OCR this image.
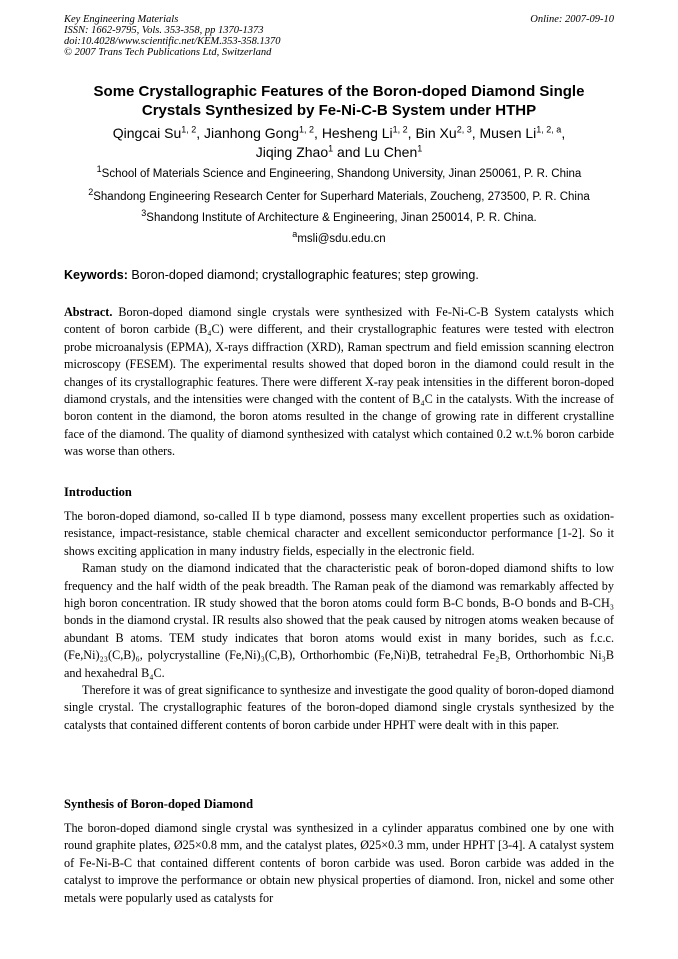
Key Engineering Materials	Online: 2007-09-10
ISSN: 1662-9795, Vols. 353-358, pp 1370-1373
doi:10.4028/www.scientific.net/KEM.353-358.1370
© 2007 Trans Tech Publications Ltd, Switzerland
Some Crystallographic Features of the Boron-doped Diamond Single
Crystals Synthesized by Fe-Ni-C-B System under HTHP
Qingcai Su$^{1, 2}$, Jianhong Gong$^{1, 2}$, Hesheng Li$^{1, 2}$, Bin Xu$^{2, 3}$, Musen Li$^{1, 2, a}$,
Jiqing Zhao$^1$ and Lu Chen$^1$
$^1$School of Materials Science and Engineering, Shandong University, Jinan 250061, P. R. China
$^2$Shandong Engineering Research Center for Superhard Materials, Zoucheng, 273500, P. R. China
$^3$Shandong Institute of Architecture & Engineering, Jinan 250014, P. R. China.
$^a$msli@sdu.edu.cn
Keywords: Boron-doped diamond; crystallographic features; step growing.

Abstract. Boron-doped diamond single crystals were synthesized with Fe-Ni-C-B System catalysts which content of boron carbide (B₄C) were different, and their crystallographic features were tested with electron probe microanalysis (EPMA), X-rays diffraction (XRD), Raman spectrum and field emission scanning electron microscopy (FESEM). The experimental results showed that doped boron in the diamond could result in the changes of its crystallographic features. There were different X-ray peak intensities in the different boron-doped diamond crystals, and the intensities were changed with the content of B₄C in the catalysts. With the increase of boron content in the diamond, the boron atoms resulted in the change of growing rate in different crystalline face of the diamond. The quality of diamond synthesized with catalyst which contained 0.2 w.t.% boron carbide was worse than others.

Introduction

The boron-doped diamond, so-called II b type diamond, possess many excellent properties such as oxidation-resistance, impact-resistance, stable chemical character and excellent semiconductor performance [1-2]. So it shows exciting application in many industry fields, especially in the electronic field.

Raman study on the diamond indicated that the characteristic peak of boron-doped diamond shifts to low frequency and the half width of the peak breadth. The Raman peak of the diamond was remarkably affected by high boron concentration. IR study showed that the boron atoms could form B-C bonds, B-O bonds and B-CH₃ bonds in the diamond crystal. IR results also showed that the peak caused by nitrogen atoms weaken because of abundant B atoms. TEM study indicates that boron atoms would exist in many borides, such as f.c.c. (Fe,Ni)₂₃(C,B)₆, polycrystalline (Fe,Ni)₃(C,B), Orthorhombic (Fe,Ni)B, tetrahedral Fe₂B, Orthorhombic Ni₃B and hexahedral B₄C.

Therefore it was of great significance to synthesize and investigate the good quality of boron-doped diamond single crystal. The crystallographic features of the boron-doped diamond single crystals synthesized by the catalysts that contained different contents of boron carbide under HPHT were dealt with in this paper.

Synthesis of Boron-doped Diamond

The boron-doped diamond single crystal was synthesized in a cylinder apparatus combined one by one with round graphite plates, Ø25×0.8 mm, and the catalyst plates, Ø25×0.3 mm, under HPHT [3-4]. A catalyst system of Fe-Ni-B-C that contained different contents of boron carbide was used. Boron carbide was added in the catalyst to improve the performance or obtain new physical properties of diamond. Iron, nickel and some other metals were popularly used as catalysts for
